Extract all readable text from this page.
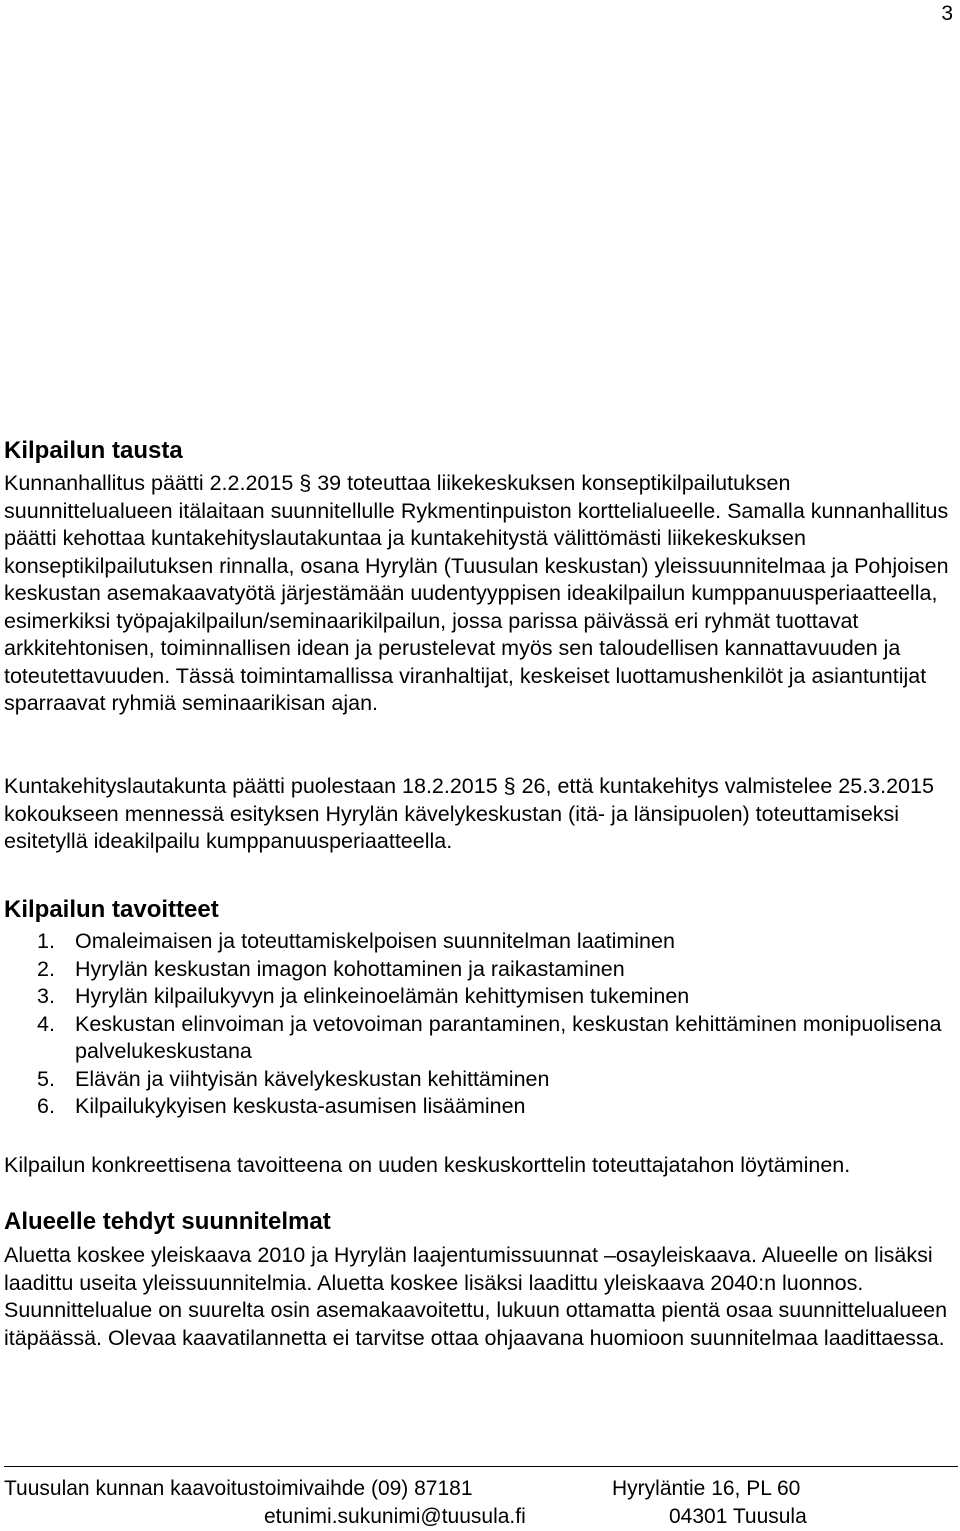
3
Kilpailun tausta

Kunnanhallitus päätti 2.2.2015 § 39 toteuttaa liikekeskuksen konseptikilpailutuksen suunnittelualueen itälaitaan suunnitellulle Rykmentinpuiston korttelialueelle. Samalla kunnanhallitus päätti kehottaa kuntakehityslautakuntaa ja kuntakehitystä välittömästi liikekeskuksen konseptikilpailutuksen rinnalla, osana Hyrylän (Tuusulan keskustan) yleissuunnitelmaa ja Pohjoisen keskustan asemakaavatyötä järjestämään uudentyyppisen ideakilpailun kumppanuusperiaatteella, esimerkiksi työpajakilpailun/seminaarikilpailun, jossa parissa päivässä eri ryhmät tuottavat arkkitehtonisen, toiminnallisen idean ja perustelevat myös sen taloudellisen kannattavuuden ja toteutettavuuden. Tässä toimintamallissa viranhaltijat, keskeiset luottamushenkilöt ja asiantuntijat sparraavat ryhmiä seminaarikisan ajan.

Kuntakehityslautakunta päätti puolestaan 18.2.2015 § 26, että kuntakehitys valmistelee 25.3.2015 kokoukseen mennessä esityksen Hyrylän kävelykeskustan (itä- ja länsipuolen) toteuttamiseksi esitetyllä ideakilpailu kumppanuusperiaatteella.

Kilpailun tavoitteet
1. Omaleimaisen ja toteuttamiskelpoisen suunnitelman laatiminen
2. Hyrylän keskustan imagon kohottaminen ja raikastaminen
3. Hyrylän kilpailukyvyn ja elinkeinoelämän kehittymisen tukeminen
4. Keskustan elinvoiman ja vetovoiman parantaminen, keskustan kehittäminen monipuolisena palvelukeskustana
5. Elävän ja viihtyisän kävelykeskustan kehittäminen
6. Kilpailukykyisen keskusta-asumisen lisääminen

Kilpailun konkreettisena tavoitteena on uuden keskuskorttelin toteuttajatahon löytäminen.

Alueelle tehdyt suunnitelmat

Aluetta koskee yleiskaava 2010 ja Hyrylän laajentumissuunnat –osayleiskaava. Alueelle on lisäksi laadittu useita yleissuunnitelmia. Aluetta koskee lisäksi laadittu yleiskaava 2040:n luonnos. Suunnittelualue on suurelta osin asemakaavoitettu, lukuun ottamatta pientä osaa suunnittelualueen itäpäässä. Olevaa kaavatilannetta ei tarvitse ottaa ohjaavana huomioon suunnitelmaa laadittaessa.

Tuusulan kunnan kaavoitustoimivaihde (09) 87181
etunimi.sukunimi@tuusula.fi
Hyryläntie 16, PL 60
04301 Tuusula
